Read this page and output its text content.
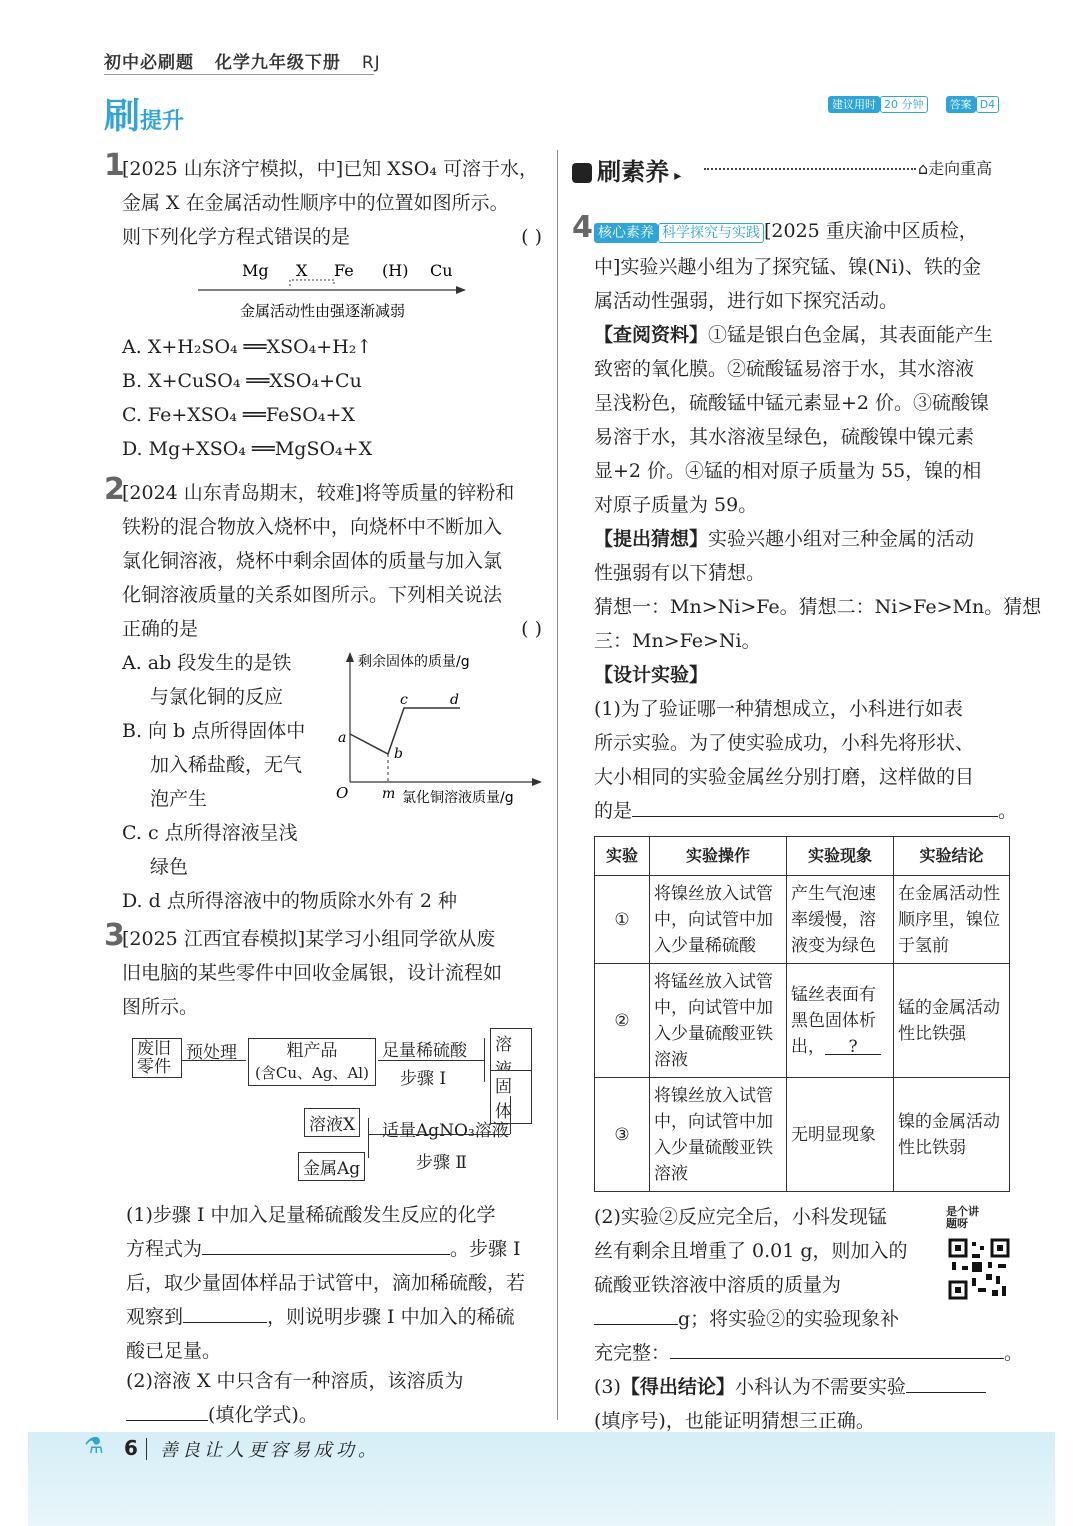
初中必刷题 化学九年级下册 RJ
刷提升
建议用时 20 分钟 答案 D4
1
[2025 山东济宁模拟，中]已知 XSO₄ 可溶于水，
金属 X 在金属活动性顺序中的位置如图所示。
则下列化学方程式错误的是	( )
Mg X Fe (H) Cu
金属活动性由强逐渐减弱
A. X+H₂SO₄ ══XSO₄+H₂↑
B. X+CuSO₄ ══XSO₄+Cu
C. Fe+XSO₄ ══FeSO₄+X
D. Mg+XSO₄ ══MgSO₄+X
2
[2024 山东青岛期末，较难]将等质量的锌粉和
铁粉的混合物放入烧杯中，向烧杯中不断加入
氯化铜溶液，烧杯中剩余固体的质量与加入氯
化铜溶液质量的关系如图所示。下列相关说法
正确的是	( )
A. ab 段发生的是铁
与氯化铜的反应
B. 向 b 点所得固体中
加入稀盐酸，无气
泡产生
C. c 点所得溶液呈浅
绿色
D. d 点所得溶液中的物质除水外有 2 种
剩余固体的质量/g
a
b
c	d
O m 氯化铜溶液质量/g
3
[2025 江西宜春模拟]某学习小组同学欲从废
旧电脑的某些零件中回收金属银，设计流程如
图所示。
废旧零件
预处理	粗产品
(含Cu、Ag、Al)
足量稀硫酸
步骤 Ⅰ
溶
固体
适量AgNO₃溶液
步骤 Ⅱ
溶液X
金属Ag
(1)步骤 Ⅰ 中加入足量稀硫酸发生反应的化学
方程式为	。步骤 Ⅰ
后，取少量固体样品于试管中，滴加稀硫酸，若
观察到	，则说明步骤 Ⅰ 中加入的稀硫
酸已足量。
(2)溶液 X 中只含有一种溶质，该溶质为
(填化学式)。
刷素养 ▸	⌂走向重高
4 核心素养 科学探究与实践 [2025 重庆渝中区质检，
中]实验兴趣小组为了探究锰、镍(Ni)、铁的金
属活动性强弱，进行如下探究活动。
【查阅资料】①锰是银白色金属，其表面能产生
致密的氧化膜。②硫酸锰易溶于水，其水溶液
呈浅粉色，硫酸锰中锰元素显+2 价。③硫酸镍
易溶于水，其水溶液呈绿色，硫酸镍中镍元素
显+2 价。④锰的相对原子质量为 55，镍的相
对原子质量为 59。
【提出猜想】实验兴趣小组对三种金属的活动
性强弱有以下猜想。
猜想一：Mn>Ni>Fe。猜想二：Ni>Fe>Mn。猜想
三：Mn>Fe>Ni。
【设计实验】
(1)为了验证哪一种猜想成立，小科进行如表
所示实验。为了使实验成功，小科先将形状、
大小相同的实验金属丝分别打磨，这样做的目
的是	。
实验	实验操作	实验现象	实验结论
①	将镍丝放入试管中，向试管中加入少量稀硫酸	产生气泡速率缓慢，溶液变为绿色	在金属活动性顺序里，镍位于氢前
②	将锰丝放入试管中，向试管中加入少量硫酸亚铁溶液	锰丝表面有黑色固体析出， ?	锰的金属活动性比铁强
③	将镍丝放入试管中，向试管中加入少量硫酸亚铁溶液	无明显现象	镍的金属活动性比铁弱
(2)实验②反应完全后，小科发现锰
丝有剩余且增重了 0.01 g，则加入的
硫酸亚铁溶液中溶质的质量为
g；将实验②的实验现象补
充完整：	。
(3)【得出结论】小科认为不需要实验
(填序号)，也能证明猜想三正确。
是个讲题呀
⚗ 6 善良让人更容易成功。
